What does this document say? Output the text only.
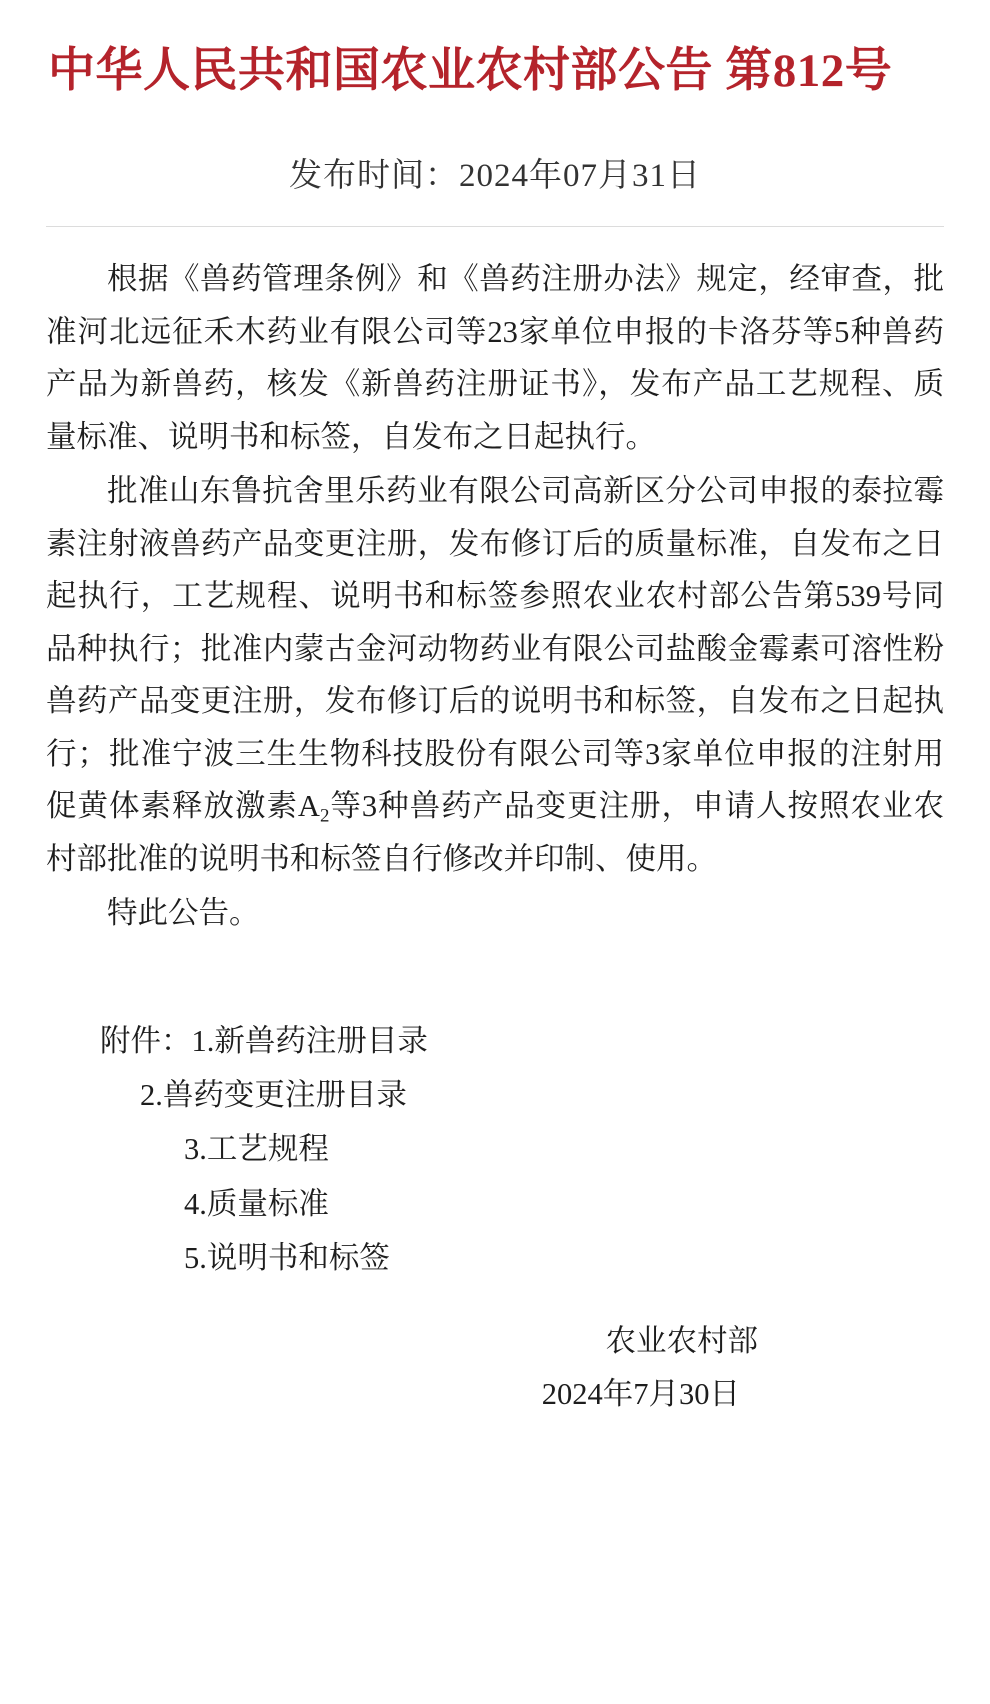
中华人民共和国农业农村部公告 第812号
发布时间：2024年07月31日

根据《兽药管理条例》和《兽药注册办法》规定，经审查，批准河北远征禾木药业有限公司等23家单位申报的卡洛芬等5种兽药产品为新兽药，核发《新兽药注册证书》，发布产品工艺规程、质量标准、说明书和标签，自发布之日起执行。

批准山东鲁抗舍里乐药业有限公司高新区分公司申报的泰拉霉素注射液兽药产品变更注册，发布修订后的质量标准，自发布之日起执行，工艺规程、说明书和标签参照农业农村部公告第539号同品种执行；批准内蒙古金河动物药业有限公司盐酸金霉素可溶性粉兽药产品变更注册，发布修订后的说明书和标签，自发布之日起执行；批准宁波三生生物科技股份有限公司等3家单位申报的注射用促黄体素释放激素$A_2$等3种兽药产品变更注册，申请人按照农业农村部批准的说明书和标签自行修改并印制、使用。

特此公告。

附件：1.新兽药注册目录
2.兽药变更注册目录
3.工艺规程
4.质量标准
5.说明书和标签
农业农村部
2024年7月30日
